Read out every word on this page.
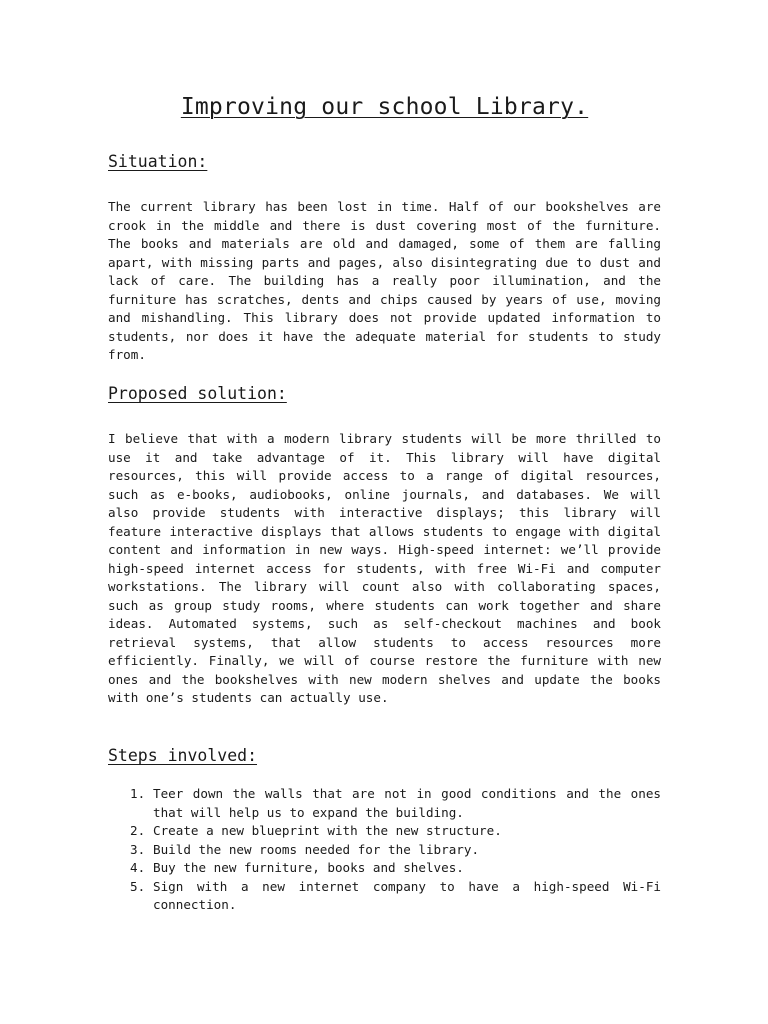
Improving our school Library.
Situation:

The current library has been lost in time. Half of our bookshelves are crook in the middle and there is dust covering most of the furniture. The books and materials are old and damaged, some of them are falling apart, with missing parts and pages, also disintegrating due to dust and lack of care. The building has a really poor illumination, and the furniture has scratches, dents and chips caused by years of use, moving and mishandling. This library does not provide updated information to students, nor does it have the adequate material for students to study from.

Proposed solution:

I believe that with a modern library students will be more thrilled to use it and take advantage of it. This library will have digital resources, this will provide access to a range of digital resources, such as e-books, audiobooks, online journals, and databases. We will also provide students with interactive displays; this library will feature interactive displays that allows students to engage with digital content and information in new ways. High-speed internet: we’ll provide high-speed internet access for students, with free Wi-Fi and computer workstations. The library will count also with collaborating spaces, such as group study rooms, where students can work together and share ideas. Automated systems, such as self-checkout machines and book retrieval systems, that allow students to access resources more efficiently. Finally, we will of course restore the furniture with new ones and the bookshelves with new modern shelves and update the books with one’s students can actually use.

Steps involved:
1. Teer down the walls that are not in good conditions and the ones that will help us to expand the building.
2. Create a new blueprint with the new structure.
3. Build the new rooms needed for the library.
4. Buy the new furniture, books and shelves.
5. Sign with a new internet company to have a high-speed Wi-Fi connection.
